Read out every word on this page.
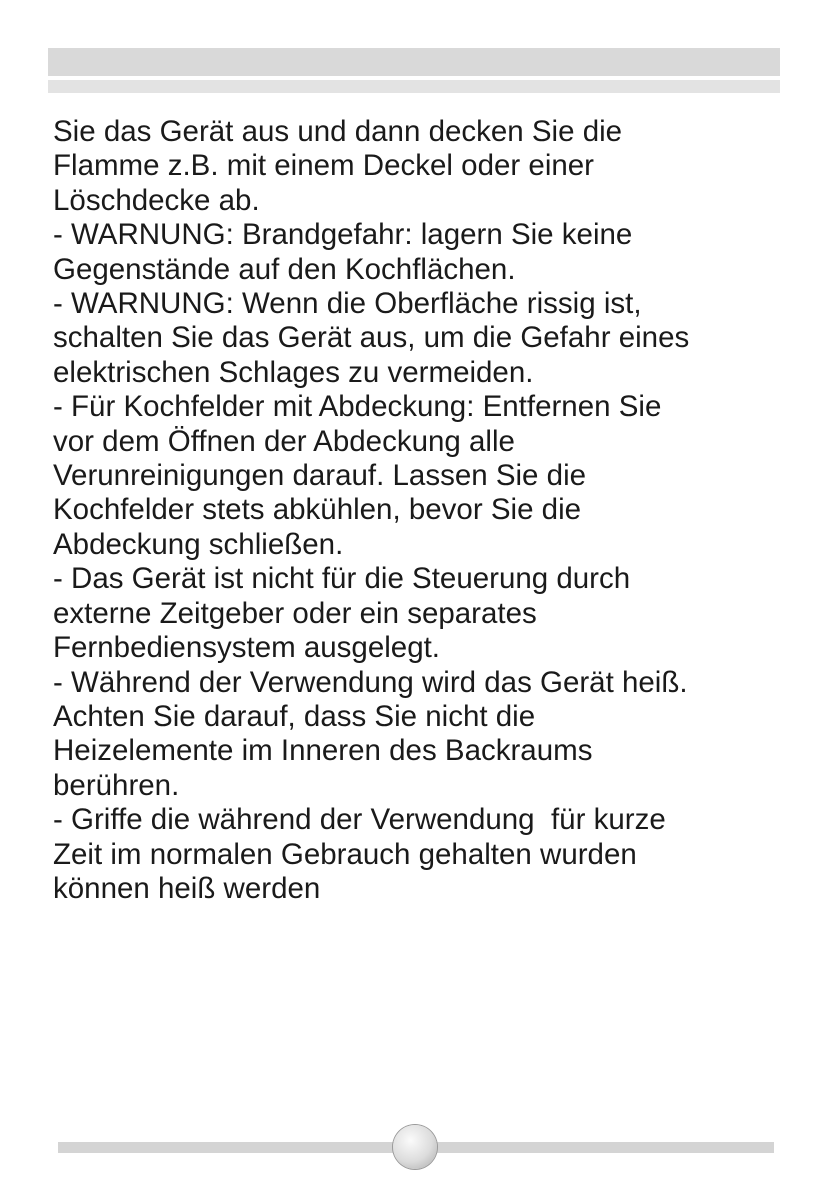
Sie das Gerät aus und dann decken Sie die

Flamme z.B. mit einem Deckel oder einer

Löschdecke ab.

- WARNUNG: Brandgefahr: lagern Sie keine

Gegenstände auf den Kochflächen.

- WARNUNG: Wenn die Oberfläche rissig ist,

schalten Sie das Gerät aus, um die Gefahr eines

elektrischen Schlages zu vermeiden.

- Für Kochfelder mit Abdeckung: Entfernen Sie

vor dem Öffnen der Abdeckung alle

Verunreinigungen darauf. Lassen Sie die

Kochfelder stets abkühlen, bevor Sie die

Abdeckung schließen.

- Das Gerät ist nicht für die Steuerung durch

externe Zeitgeber oder ein separates

Fernbediensystem ausgelegt.

- Während der Verwendung wird das Gerät heiß.

Achten Sie darauf, dass Sie nicht die

Heizelemente im Inneren des Backraums

berühren.

- Griffe die während der Verwendung  für kurze

Zeit im normalen Gebrauch gehalten wurden

können heiß werden
